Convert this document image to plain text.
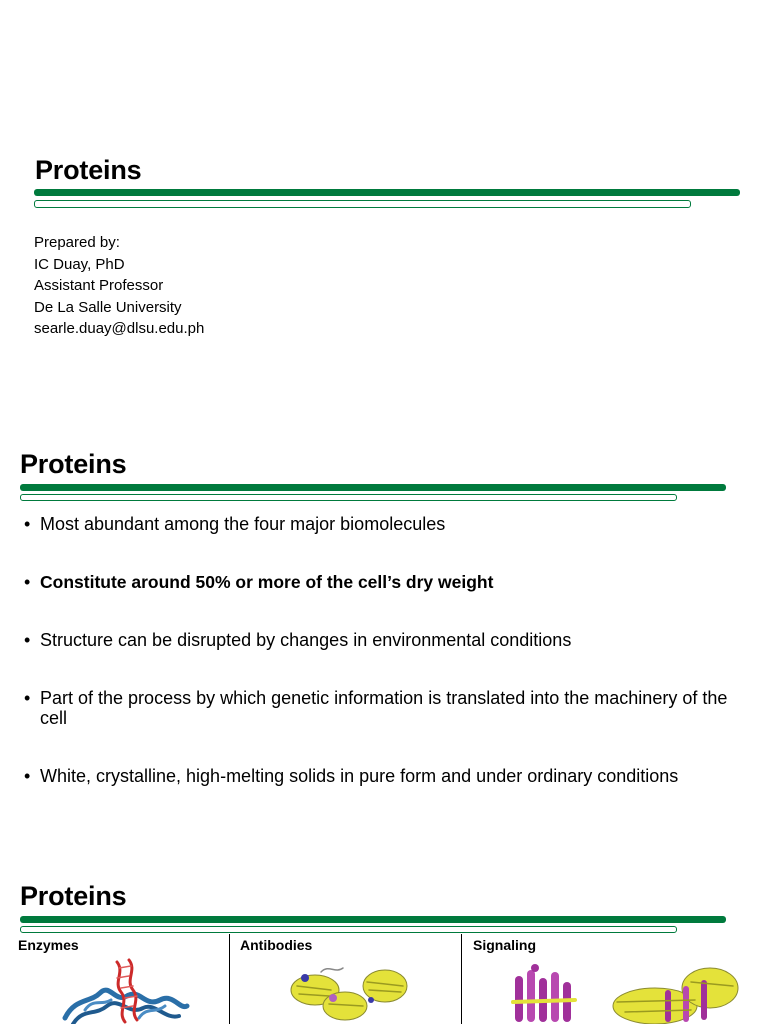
Proteins
Prepared by:
IC Duay, PhD
Assistant Professor
De La Salle University
searle.duay@dlsu.edu.ph
Proteins
• Most abundant among the four major biomolecules
• Constitute around 50% or more of the cell’s dry weight
• Structure can be disrupted by changes in environmental conditions
• Part of the process by which genetic information is translated into the machinery of the cell
• White, crystalline, high-melting solids in pure form and under ordinary conditions
Proteins
Enzymes	Antibodies	Signaling
